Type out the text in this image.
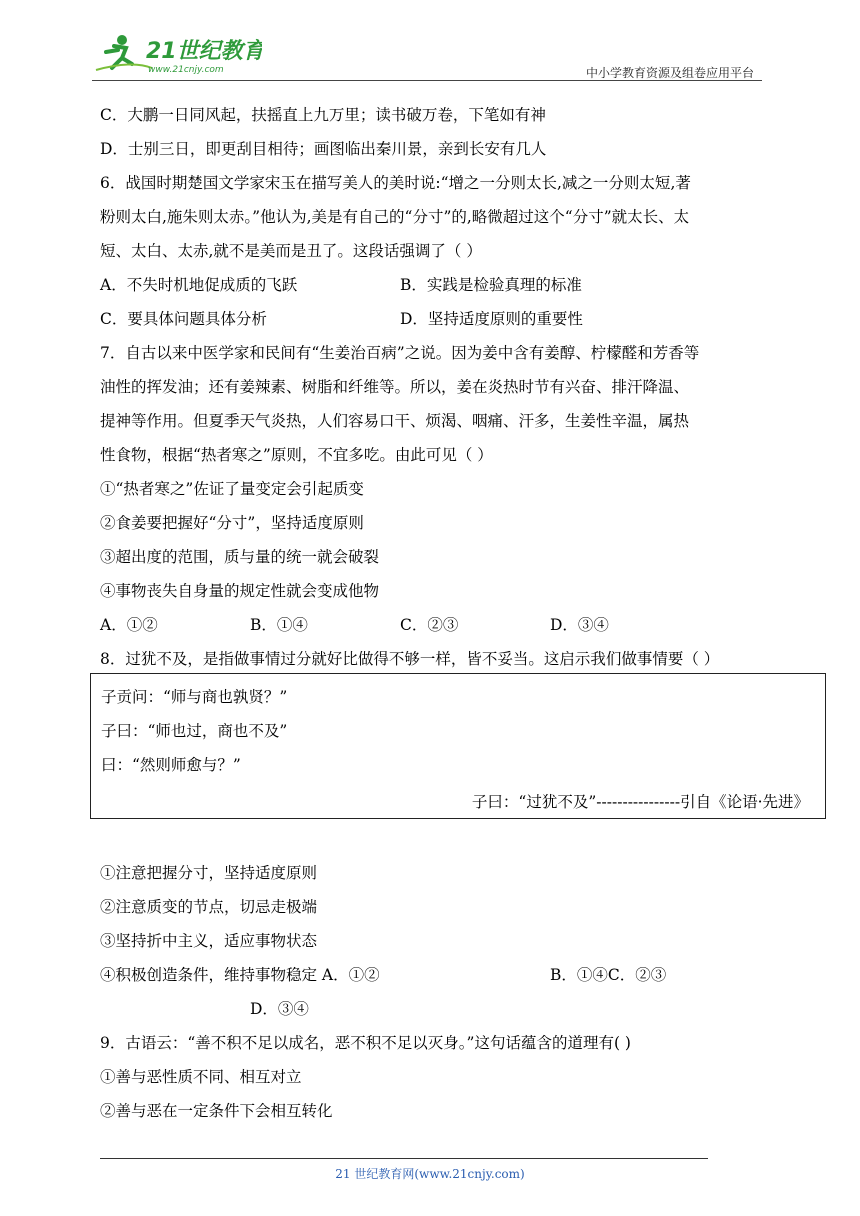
21世纪教育
www.21cnjy.com	中小学教育资源及组卷应用平台
C．大鹏一日同风起，扶摇直上九万里；读书破万卷，下笔如有神
D．士别三日，即更刮目相待；画图临出秦川景，亲到长安有几人
6．战国时期楚国文学家宋玉在描写美人的美时说:“增之一分则太长,减之一分则太短,著
粉则太白,施朱则太赤。”他认为,美是有自己的“分寸”的,略微超过这个“分寸”就太长、太
短、太白、太赤,就不是美而是丑了。这段话强调了（ ）
A．不失时机地促成质的飞跃	B．实践是检验真理的标准
C．要具体问题具体分析	D．坚持适度原则的重要性
7．自古以来中医学家和民间有“生姜治百病”之说。因为姜中含有姜醇、柠檬醛和芳香等
油性的挥发油；还有姜辣素、树脂和纤维等。所以，姜在炎热时节有兴奋、排汗降温、
提神等作用。但夏季天气炎热，人们容易口干、烦渴、咽痛、汗多，生姜性辛温，属热
性食物，根据“热者寒之”原则，不宜多吃。由此可见（ ）
①“热者寒之”佐证了量变定会引起质变
②食姜要把握好“分寸”，坚持适度原则
③超出度的范围，质与量的统一就会破裂
④事物丧失自身量的规定性就会变成他物
A．①②	B．①④	C．②③	D．③④
8．过犹不及，是指做事情过分就好比做得不够一样，皆不妥当。这启示我们做事情要（ ）
子贡问：“师与商也孰贤？”
子曰：“师也过，商也不及”
曰：“然则师愈与？”
子曰：“过犹不及”----------------引自《论语·先进》
①注意把握分寸，坚持适度原则
②注意质变的节点，切忌走极端
③坚持折中主义，适应事物状态
④积极创造条件，维持事物稳定 A．①②	B．①④C．②③
D．③④
9．古语云：“善不积不足以成名，恶不积不足以灭身。”这句话蕴含的道理有( )
①善与恶性质不同、相互对立
②善与恶在一定条件下会相互转化
21 世纪教育网(www.21cnjy.com)
